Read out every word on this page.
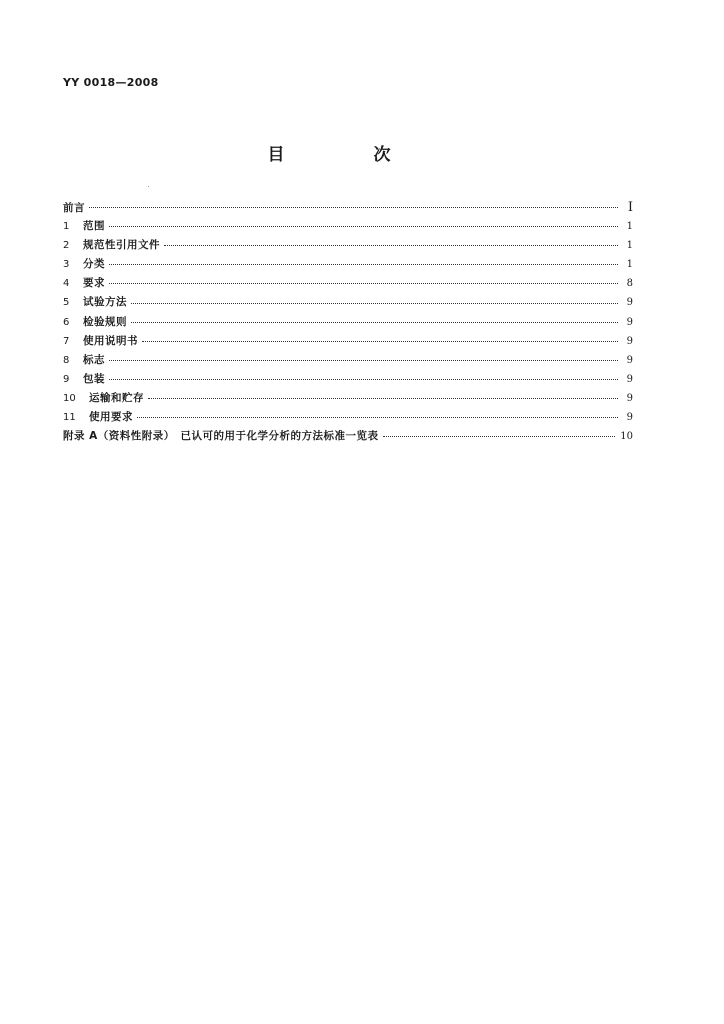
YY 0018—2008
目　次
前言	I
1	范围	1
2	规范性引用文件	1
3	分类	1
4	要求	8
5	试验方法	9
6	检验规则	9
7	使用说明书	9
8	标志	9
9	包装	9
10	运输和贮存	9
11	使用要求	9
附录 A（资料性附录）　已认可的用于化学分析的方法标准一览表	10
